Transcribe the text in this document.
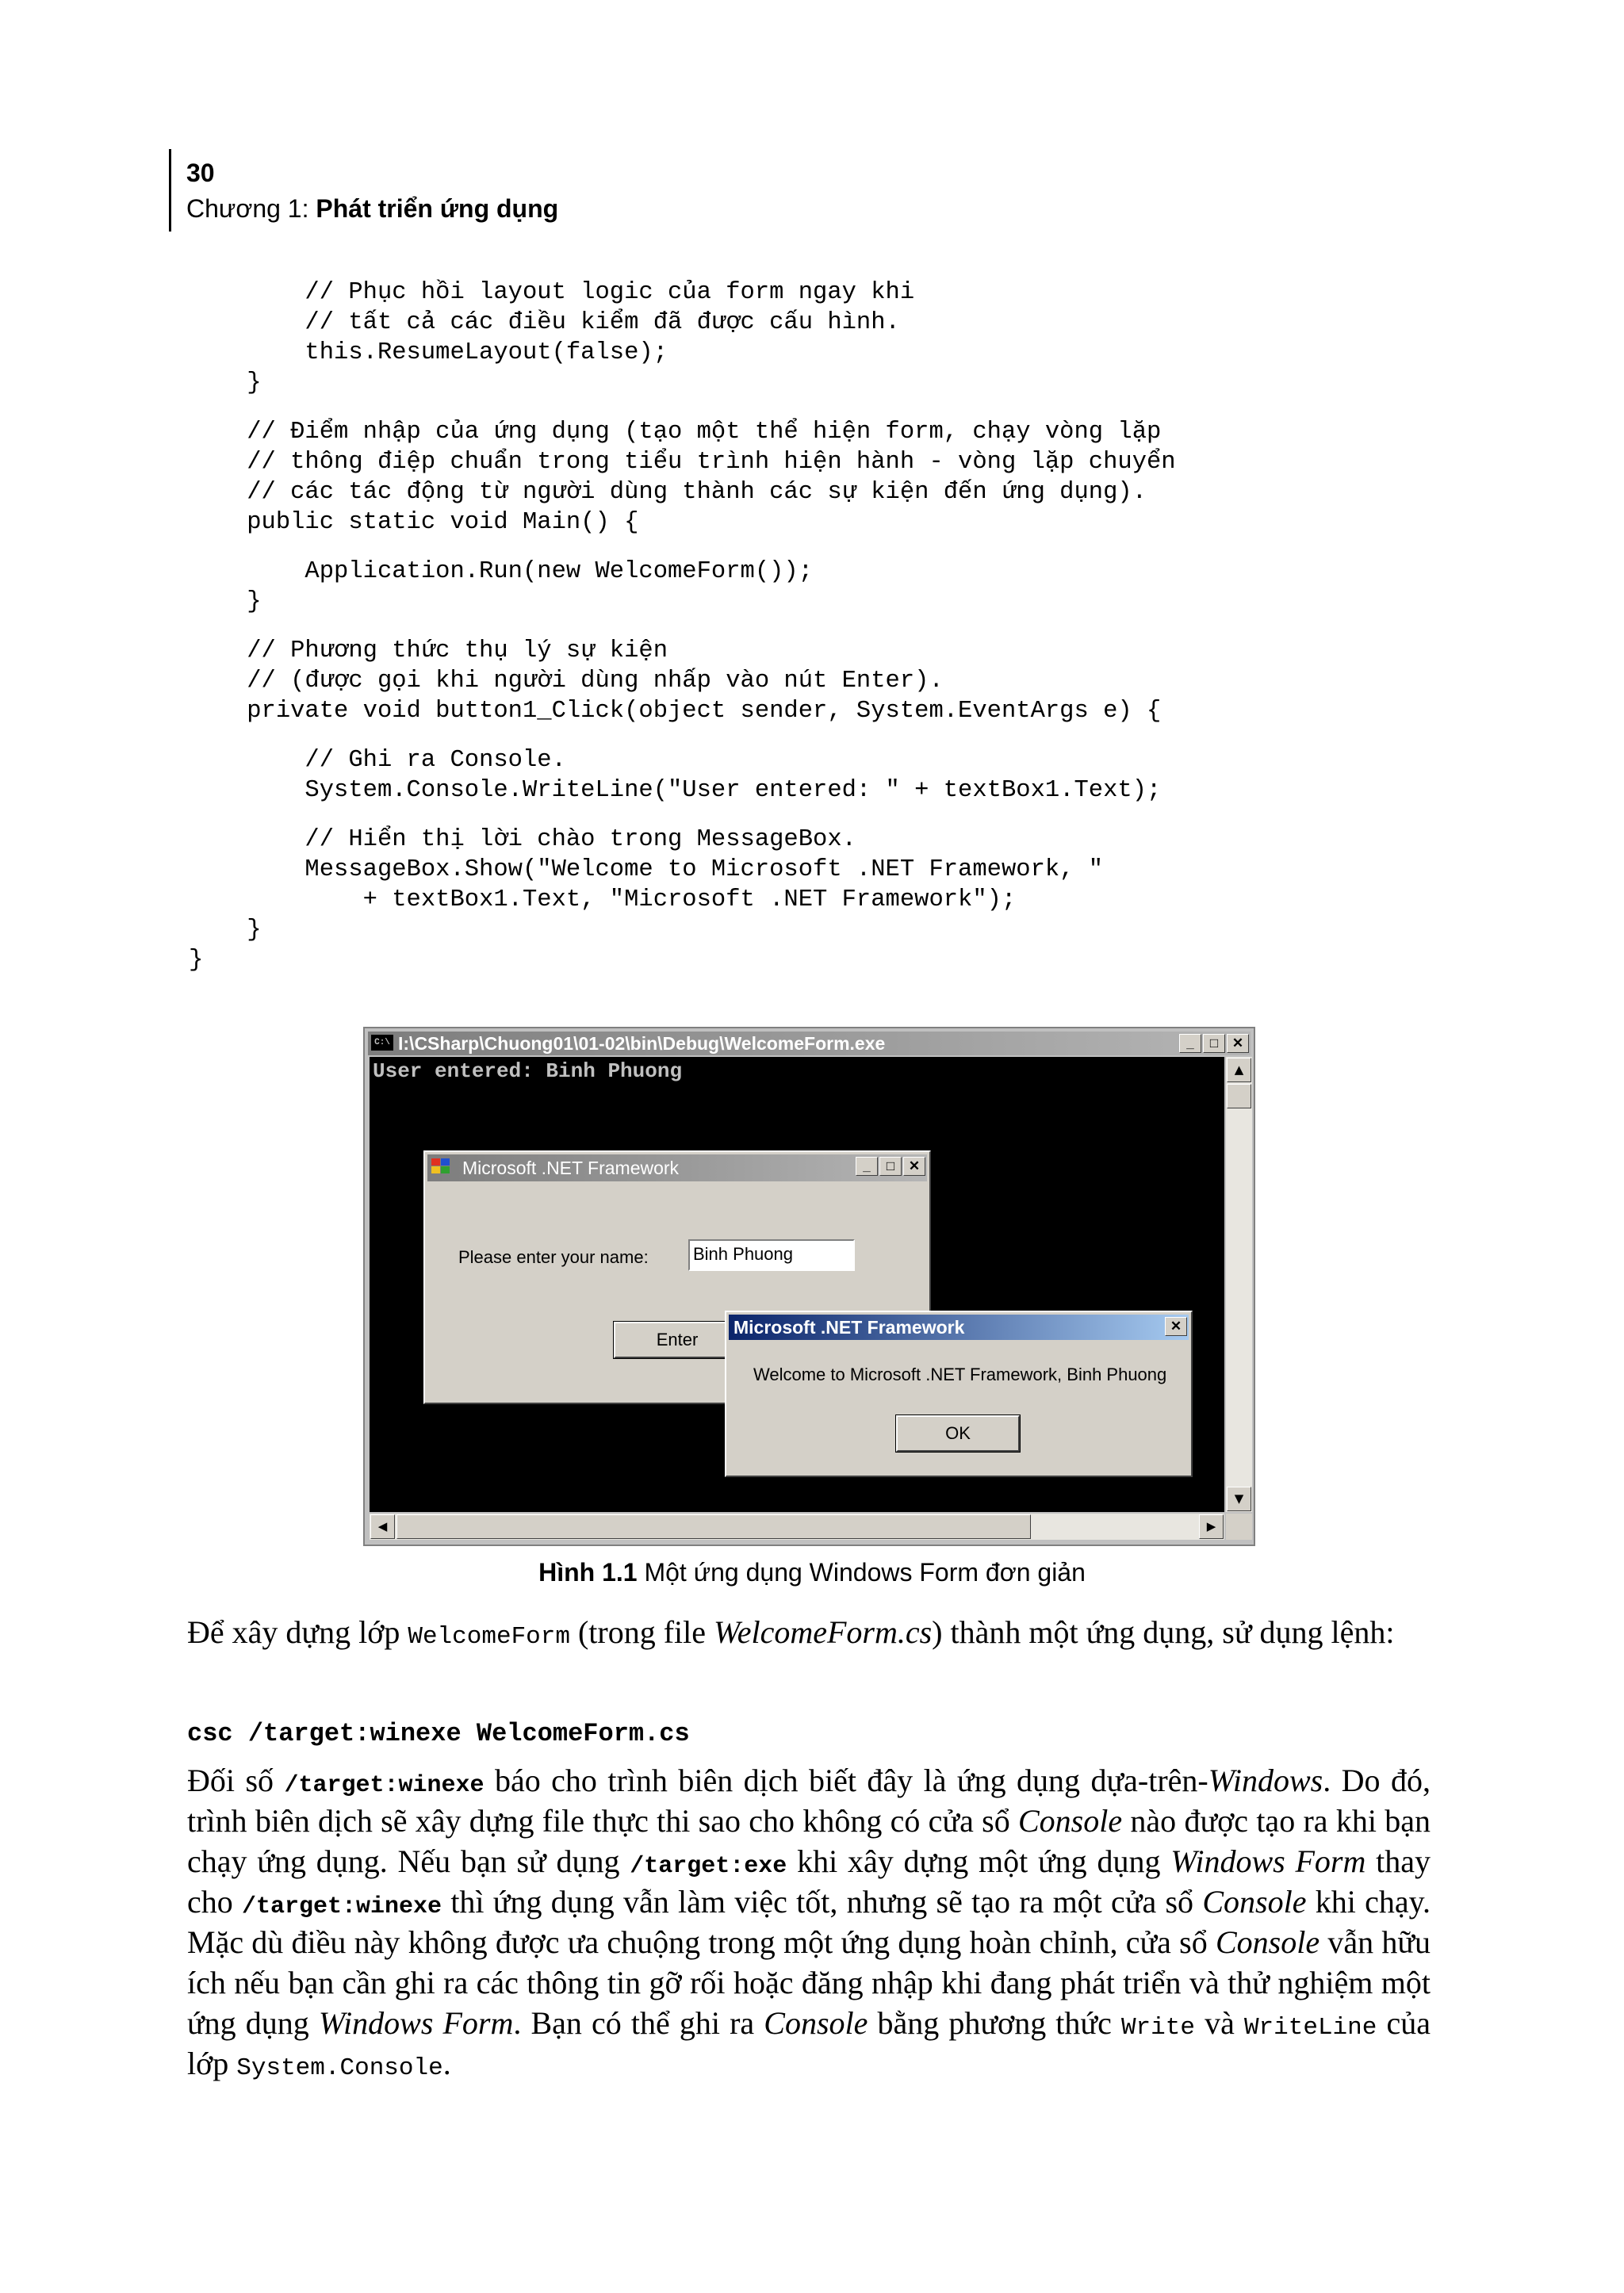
30
Chương 1: Phát triển ứng dụng
// Phục hồi layout logic của form ngay khi
// tất cả các điều kiểm đã được cấu hình.
this.ResumeLayout(false);
}
// Điểm nhập của ứng dụng (tạo một thể hiện form, chạy vòng lặp
// thông điệp chuẩn trong tiểu trình hiện hành - vòng lặp chuyển
// các tác động từ người dùng thành các sự kiện đến ứng dụng).
public static void Main() {
Application.Run(new WelcomeForm());
}
// Phương thức thụ lý sự kiện
// (được gọi khi người dùng nhấp vào nút Enter).
private void button1_Click(object sender, System.EventArgs e) {
// Ghi ra Console.
System.Console.WriteLine("User entered: " + textBox1.Text);
// Hiển thị lời chào trong MessageBox.
MessageBox.Show("Welcome to Microsoft .NET Framework, "
+ textBox1.Text, "Microsoft .NET Framework");
}
}
C:\ I:\CSharp\Chuong01\01-02\bin\Debug\WelcomeForm.exe	_	□	✕
User entered: Binh Phuong
Microsoft .NET Framework	_	□	✕
Please enter your name:	Binh Phuong
Enter
Microsoft .NET Framework	✕
Welcome to Microsoft .NET Framework, Binh Phuong
OK
▲
▼
◀	▶
Hình 1.1 Một ứng dụng Windows Form đơn giản
Để xây dựng lớp WelcomeForm (trong file WelcomeForm.cs) thành một ứng dụng, sử dụng lệnh:
csc /target:winexe WelcomeForm.cs
Đối số /target:winexe báo cho trình biên dịch biết đây là ứng dụng dựa-trên-Windows. Do đó, trình biên dịch sẽ xây dựng file thực thi sao cho không có cửa sổ Console nào được tạo ra khi bạn chạy ứng dụng. Nếu bạn sử dụng /target:exe khi xây dựng một ứng dụng Windows Form thay cho /target:winexe thì ứng dụng vẫn làm việc tốt, nhưng sẽ tạo ra một cửa sổ Console khi chạy. Mặc dù điều này không được ưa chuộng trong một ứng dụng hoàn chỉnh, cửa sổ Console vẫn hữu ích nếu bạn cần ghi ra các thông tin gỡ rối hoặc đăng nhập khi đang phát triển và thử nghiệm một ứng dụng Windows Form. Bạn có thể ghi ra Console bằng phương thức Write và WriteLine của lớp System.Console.
